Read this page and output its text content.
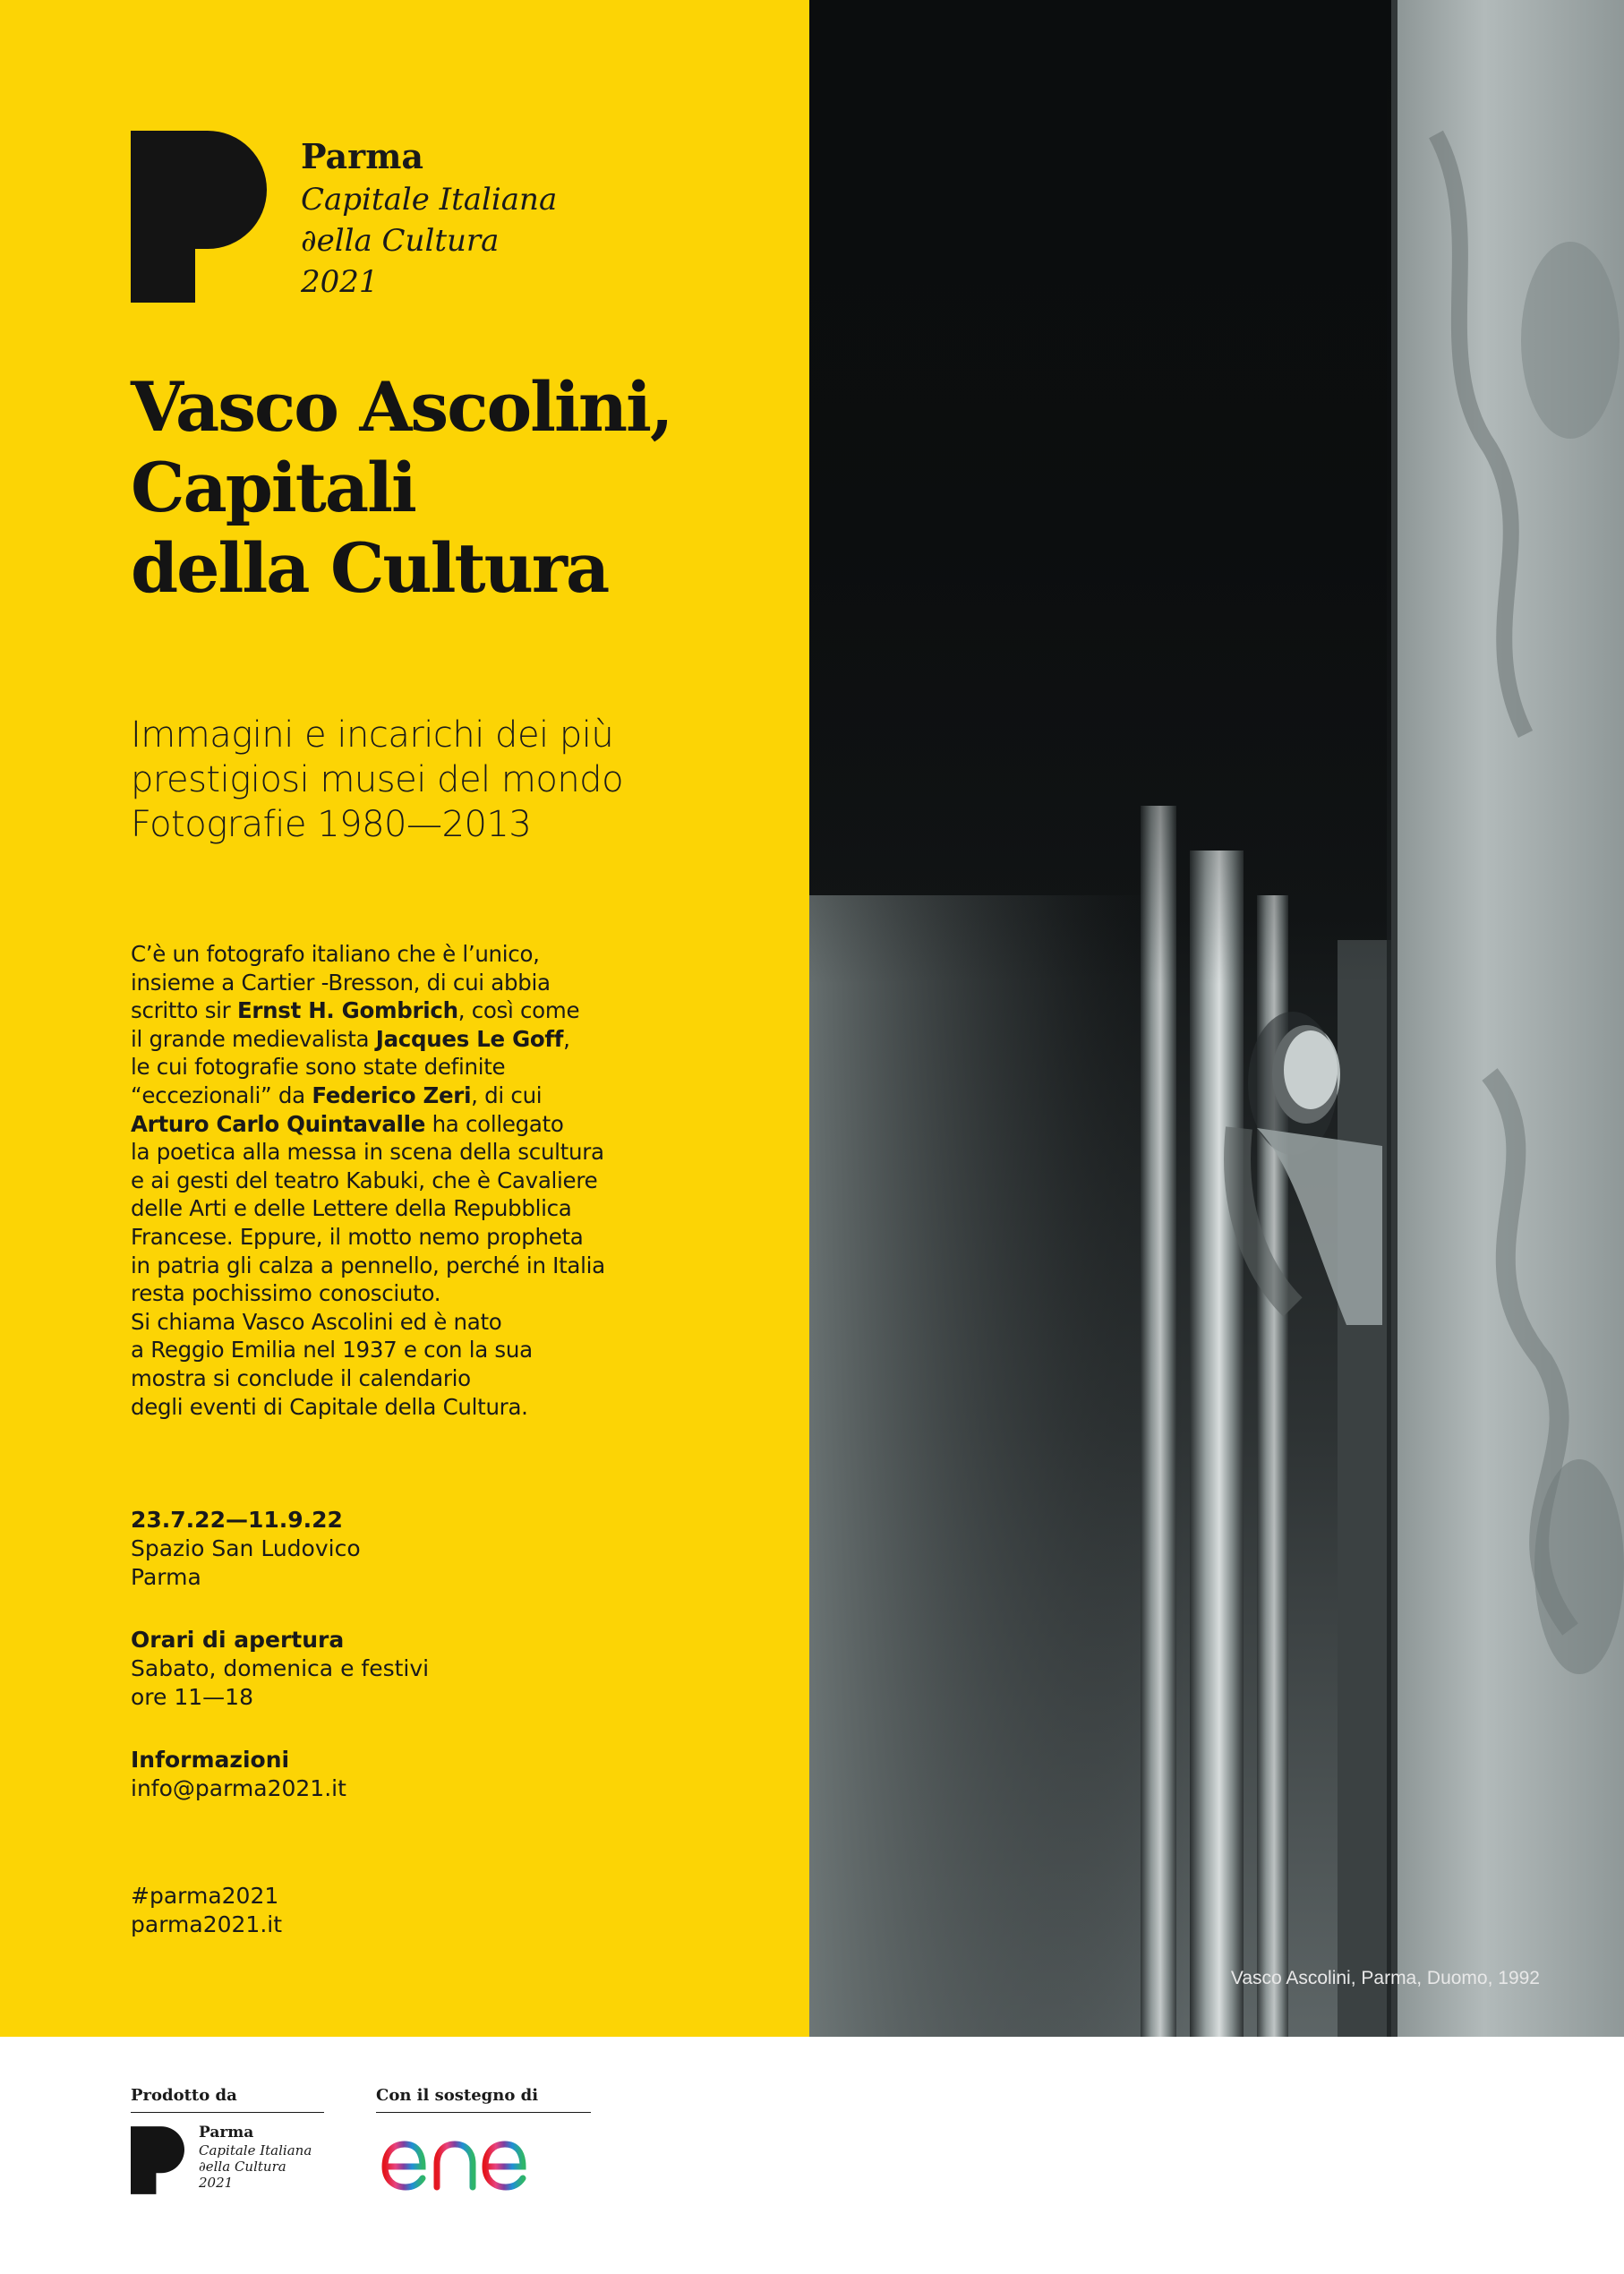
Parma
Capitale Italiana
∂ella Cultura
2021
Vasco Ascolini,
Capitali
della Cultura
Immagini e incarichi dei più
prestigiosi musei del mondo
Fotografie 1980—2013
C’è un fotografo italiano che è l’unico,
insieme a Cartier -Bresson, di cui abbia
scritto sir Ernst H. Gombrich, così come
il grande medievalista Jacques Le Goff,
le cui fotografie sono state definite
“eccezionali” da Federico Zeri, di cui
Arturo Carlo Quintavalle ha collegato
la poetica alla messa in scena della scultura
e ai gesti del teatro Kabuki, che è Cavaliere
delle Arti e delle Lettere della Repubblica
Francese. Eppure, il motto nemo propheta
in patria gli calza a pennello, perché in Italia
resta pochissimo conosciuto.
Si chiama Vasco Ascolini ed è nato
a Reggio Emilia nel 1937 e con la sua
mostra si conclude il calendario
degli eventi di Capitale della Cultura.
23.7.22—11.9.22
Spazio San Ludovico
Parma
Orari di apertura
Sabato, domenica e festivi
ore 11—18
Informazioni
info@parma2021.it
#parma2021
parma2021.it
Vasco Ascolini, Parma, Duomo, 1992
Prodotto da	Con il sostegno di
Parma
Capitale Italiana
∂ella Cultura
2021
enel
